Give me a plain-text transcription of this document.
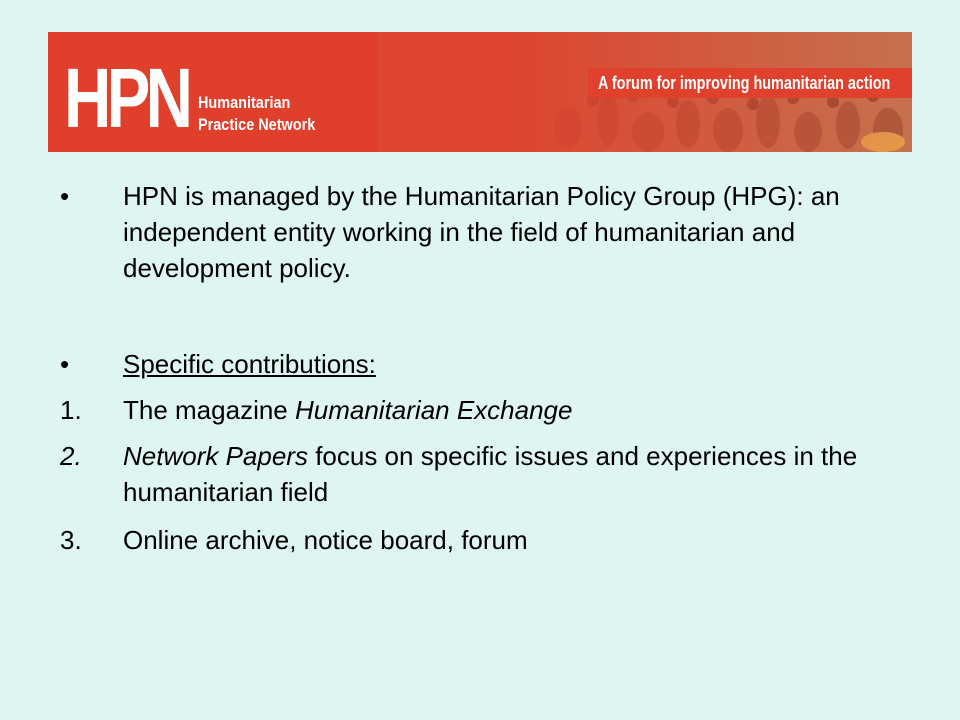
HPN Humanitarian
Practice Network
A forum for improving humanitarian action
•	HPN is managed by the Humanitarian Policy Group (HPG): an independent entity working in the field of humanitarian and development policy.
•	Specific contributions:
1.	The magazine Humanitarian Exchange
2.	Network Papers focus on specific issues and experiences in the humanitarian field
3.	Online archive, notice board, forum
